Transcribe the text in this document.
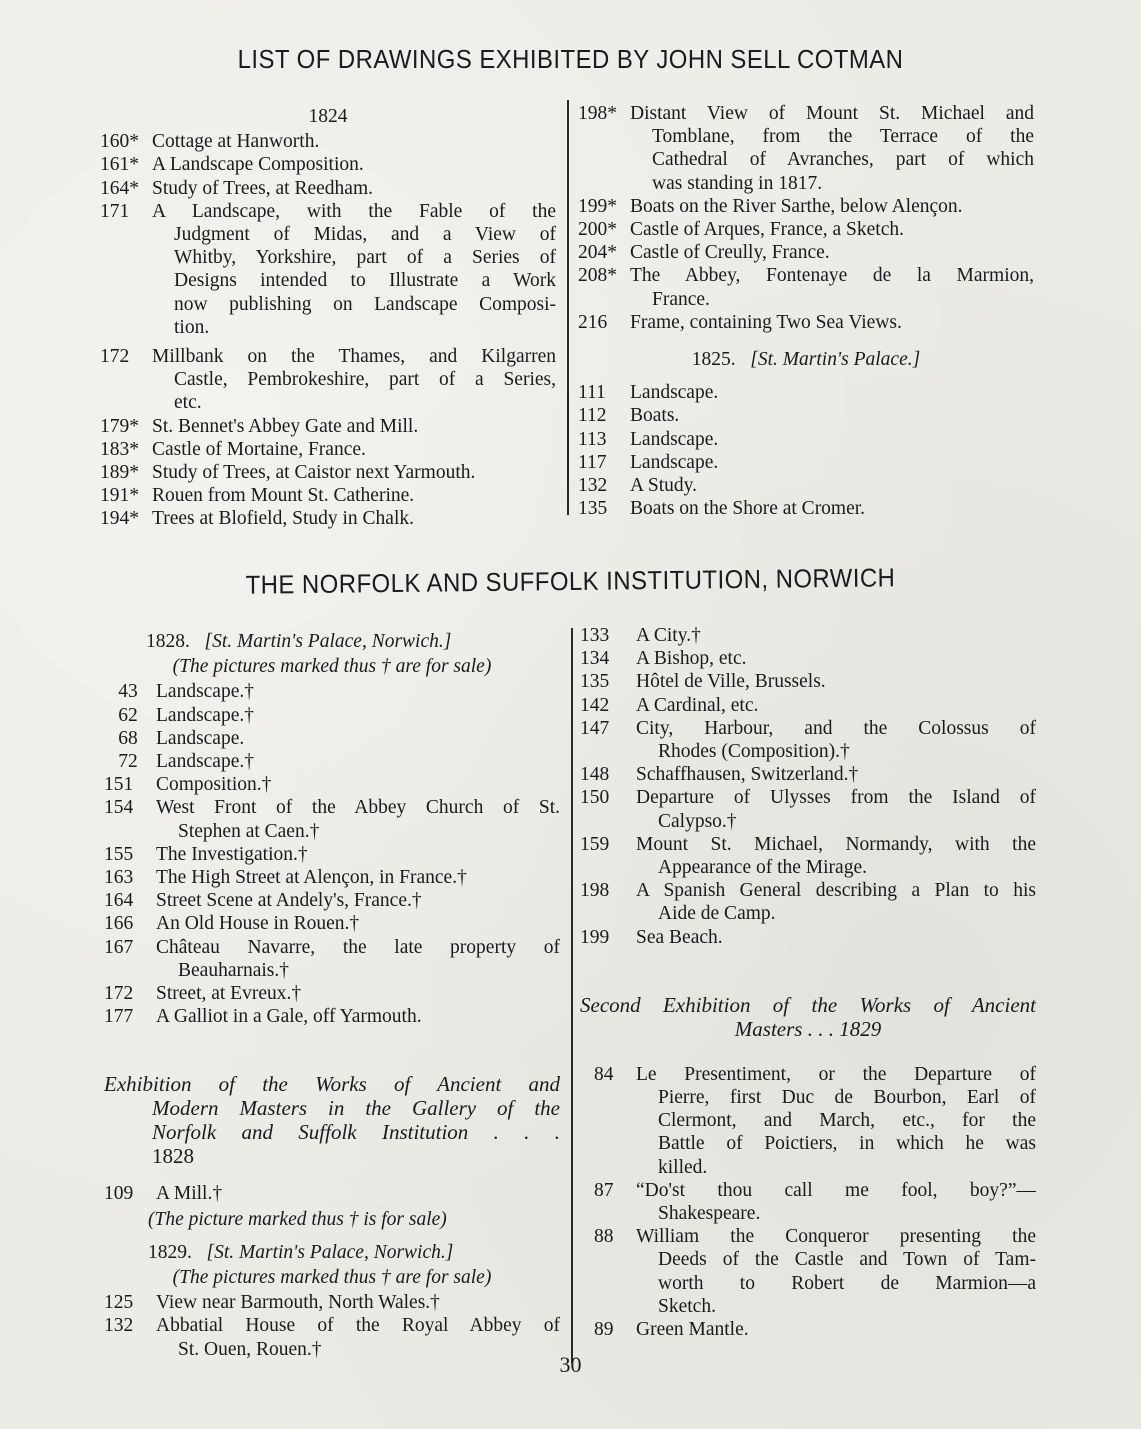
LIST OF DRAWINGS EXHIBITED BY JOHN SELL COTMAN

1824

160* Cottage at Hanworth.
161* A Landscape Composition.
164* Study of Trees, at Reedham.
171	A Landscape, with the Fable of the
Judgment of Midas, and a View of
Whitby, Yorkshire, part of a Series of
Designs intended to Illustrate a Work
now publishing on Landscape Composi-
tion.
172	Millbank on the Thames, and Kilgarren
Castle, Pembrokeshire, part of a Series,
etc.
179* St. Bennet's Abbey Gate and Mill.
183* Castle of Mortaine, France.
189* Study of Trees, at Caistor next Yarmouth.
191* Rouen from Mount St. Catherine.
194* Trees at Blofield, Study in Chalk.
198* Distant View of Mount St. Michael and
Tomblane, from the Terrace of the
Cathedral of Avranches, part of which
was standing in 1817.
199* Boats on the River Sarthe, below Alençon.
200* Castle of Arques, France, a Sketch.
204* Castle of Creully, France.
208* The Abbey, Fontenaye de la Marmion,
France.
216	Frame, containing Two Sea Views.

1825. [St. Martin's Palace.]

111	Landscape.
112	Boats.
113	Landscape.
117	Landscape.
132	A Study.
135	Boats on the Shore at Cromer.
THE NORFOLK AND SUFFOLK INSTITUTION, NORWICH

1828. [St. Martin's Palace, Norwich.]

(The pictures marked thus † are for sale)

43 Landscape.†
62 Landscape.†
68 Landscape.
72 Landscape.†
151	Composition.†
154	West Front of the Abbey Church of St.
Stephen at Caen.†
155	The Investigation.†
163	The High Street at Alençon, in France.†
164	Street Scene at Andely's, France.†
166	An Old House in Rouen.†
167	Château Navarre, the late property of
Beauharnais.†
172	Street, at Evreux.†
177	A Galliot in a Gale, off Yarmouth.
Exhibition of the Works of Ancient and
Modern Masters in the Gallery of the
Norfolk and Suffolk Institution . . .
1828
109	A Mill.†

(The picture marked thus † is for sale)

1829. [St. Martin's Palace, Norwich.]

(The pictures marked thus † are for sale)

125	View near Barmouth, North Wales.†
132	Abbatial House of the Royal Abbey of
St. Ouen, Rouen.†
133	A City.†
134	A Bishop, etc.
135	Hôtel de Ville, Brussels.
142	A Cardinal, etc.
147	City, Harbour, and the Colossus of
Rhodes (Composition).†
148	Schaffhausen, Switzerland.†
150	Departure of Ulysses from the Island of
Calypso.†
159	Mount St. Michael, Normandy, with the
Appearance of the Mirage.
198	A Spanish General describing a Plan to his
Aide de Camp.
199	Sea Beach.

Second Exhibition of the Works of Ancient

Masters . . . 1829

84	Le Presentiment, or the Departure of
Pierre, first Duc de Bourbon, Earl of
Clermont, and March, etc., for the
Battle of Poictiers, in which he was
killed.
87	“Do'st thou call me fool, boy?”—
Shakespeare.
88	William the Conqueror presenting the
Deeds of the Castle and Town of Tam-
worth to Robert de Marmion—a
Sketch.
89	Green Mantle.
30
